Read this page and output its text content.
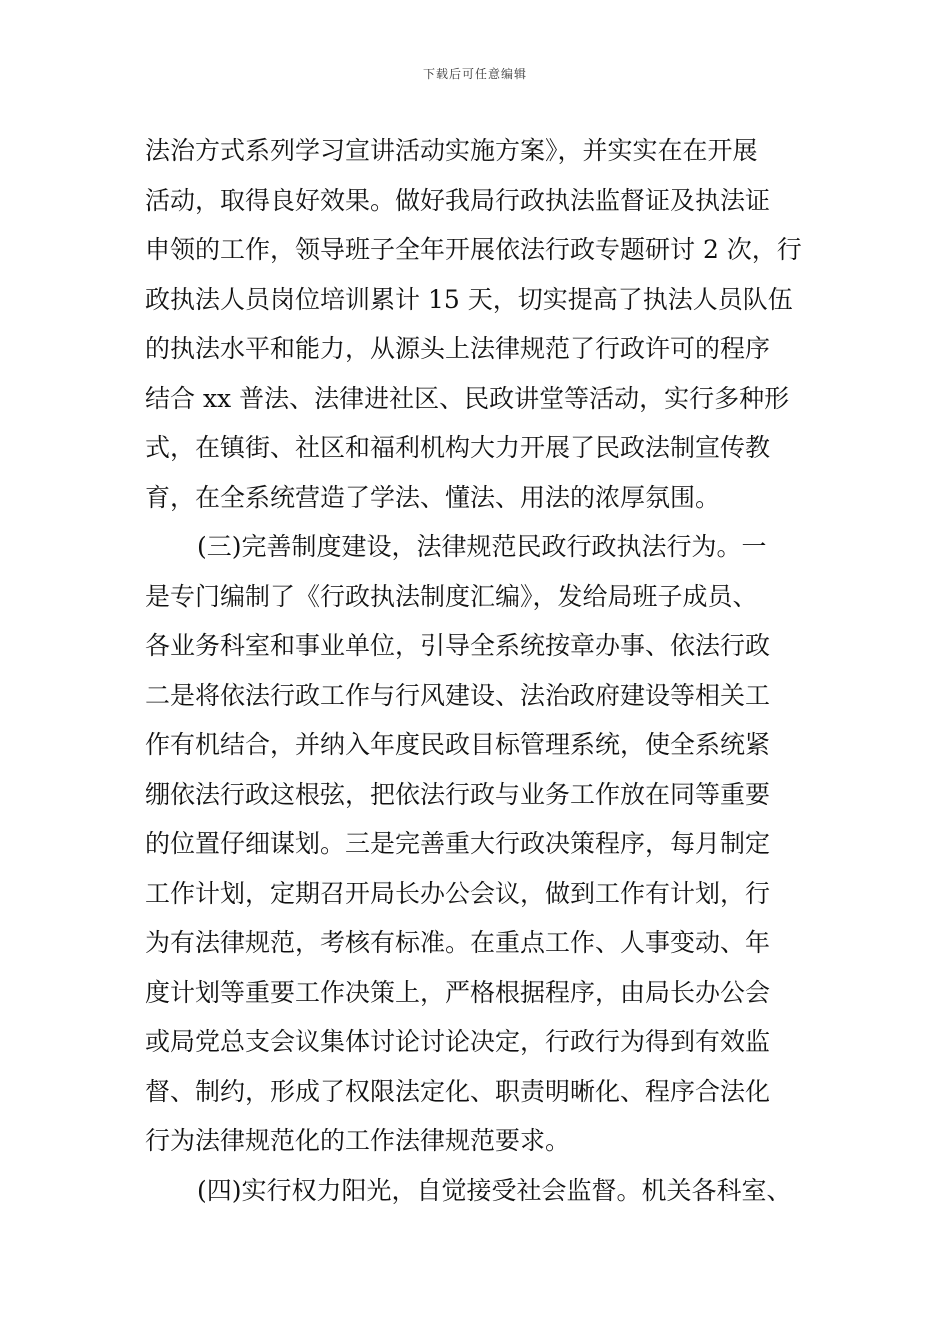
下载后可任意编辑
法治方式系列学习宣讲活动实施方案》，并实实在在开展
活动，取得良好效果。做好我局行政执法监督证及执法证
申领的工作，领导班子全年开展依法行政专题研讨 2 次，行
政执法人员岗位培训累计 15 天，切实提高了执法人员队伍
的执法水平和能力，从源头上法律规范了行政许可的程序
结合 xx 普法、法律进社区、民政讲堂等活动，实行多种形
式，在镇街、社区和福利机构大力开展了民政法制宣传教
育，在全系统营造了学法、懂法、用法的浓厚氛围。
(三)完善制度建设，法律规范民政行政执法行为。一
是专门编制了《行政执法制度汇编》，发给局班子成员、
各业务科室和事业单位，引导全系统按章办事、依法行政
二是将依法行政工作与行风建设、法治政府建设等相关工
作有机结合，并纳入年度民政目标管理系统，使全系统紧
绷依法行政这根弦，把依法行政与业务工作放在同等重要
的位置仔细谋划。三是完善重大行政决策程序，每月制定
工作计划，定期召开局长办公会议，做到工作有计划，行
为有法律规范，考核有标准。在重点工作、人事变动、年
度计划等重要工作决策上，严格根据程序，由局长办公会
或局党总支会议集体讨论讨论决定，行政行为得到有效监
督、制约，形成了权限法定化、职责明晰化、程序合法化
行为法律规范化的工作法律规范要求。
(四)实行权力阳光，自觉接受社会监督。机关各科室、
